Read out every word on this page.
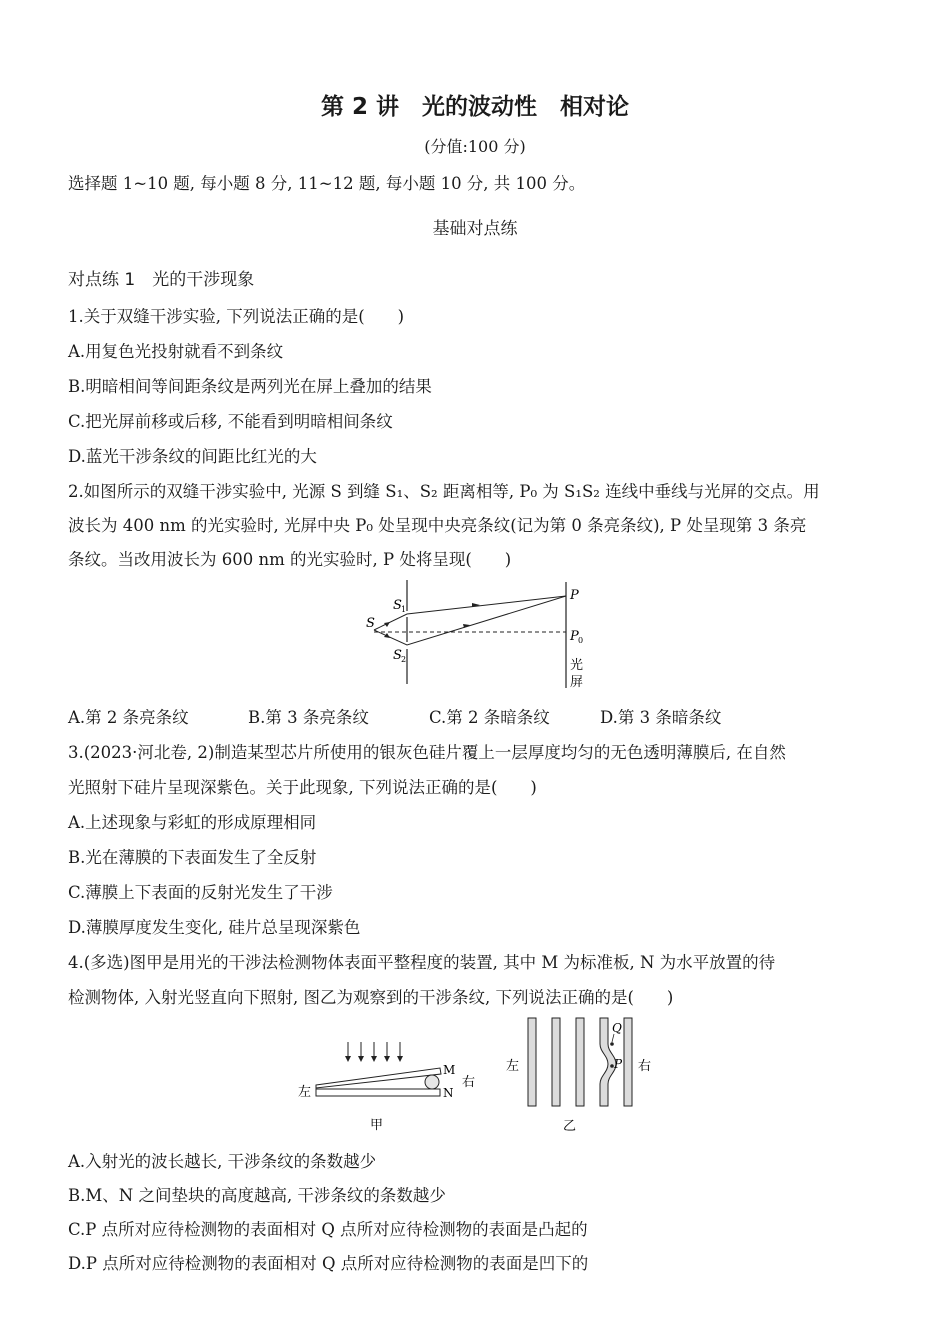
第 2 讲　光的波动性　相对论
(分值:100 分)
选择题 1~10 题, 每小题 8 分, 11~12 题, 每小题 10 分, 共 100 分。
基础对点练
对点练 1　光的干涉现象
1.关于双缝干涉实验, 下列说法正确的是(　　)
A.用复色光投射就看不到条纹
B.明暗相间等间距条纹是两列光在屏上叠加的结果
C.把光屏前移或后移, 不能看到明暗相间条纹
D.蓝光干涉条纹的间距比红光的大
2.如图所示的双缝干涉实验中, 光源 S 到缝 S₁、S₂ 距离相等, P₀ 为 S₁S₂ 连线中垂线与光屏的交点。用
波长为 400 nm 的光实验时, 光屏中央 P₀ 处呈现中央亮条纹(记为第 0 条亮条纹), P 处呈现第 3 条亮
条纹。当改用波长为 600 nm 的光实验时, P 处将呈现(　　)
S
S 1
S 2
P
P 0
光
屏
A.第 2 条亮条纹	B.第 3 条亮条纹	C.第 2 条暗条纹	D.第 3 条暗条纹
3.(2023·河北卷, 2)制造某型芯片所使用的银灰色硅片覆上一层厚度均匀的无色透明薄膜后, 在自然
光照射下硅片呈现深紫色。关于此现象, 下列说法正确的是(　　)
A.上述现象与彩虹的形成原理相同
B.光在薄膜的下表面发生了全反射
C.薄膜上下表面的反射光发生了干涉
D.薄膜厚度发生变化, 硅片总呈现深紫色
4.(多选)图甲是用光的干涉法检测物体表面平整程度的装置, 其中 M 为标准板, N 为水平放置的待
检测物体, 入射光竖直向下照射, 图乙为观察到的干涉条纹, 下列说法正确的是(　　)
左
M
右
N
甲
左
Q
P 右
乙
A.入射光的波长越长, 干涉条纹的条数越少
B.M、N 之间垫块的高度越高, 干涉条纹的条数越少
C.P 点所对应待检测物的表面相对 Q 点所对应待检测物的表面是凸起的
D.P 点所对应待检测物的表面相对 Q 点所对应待检测物的表面是凹下的
